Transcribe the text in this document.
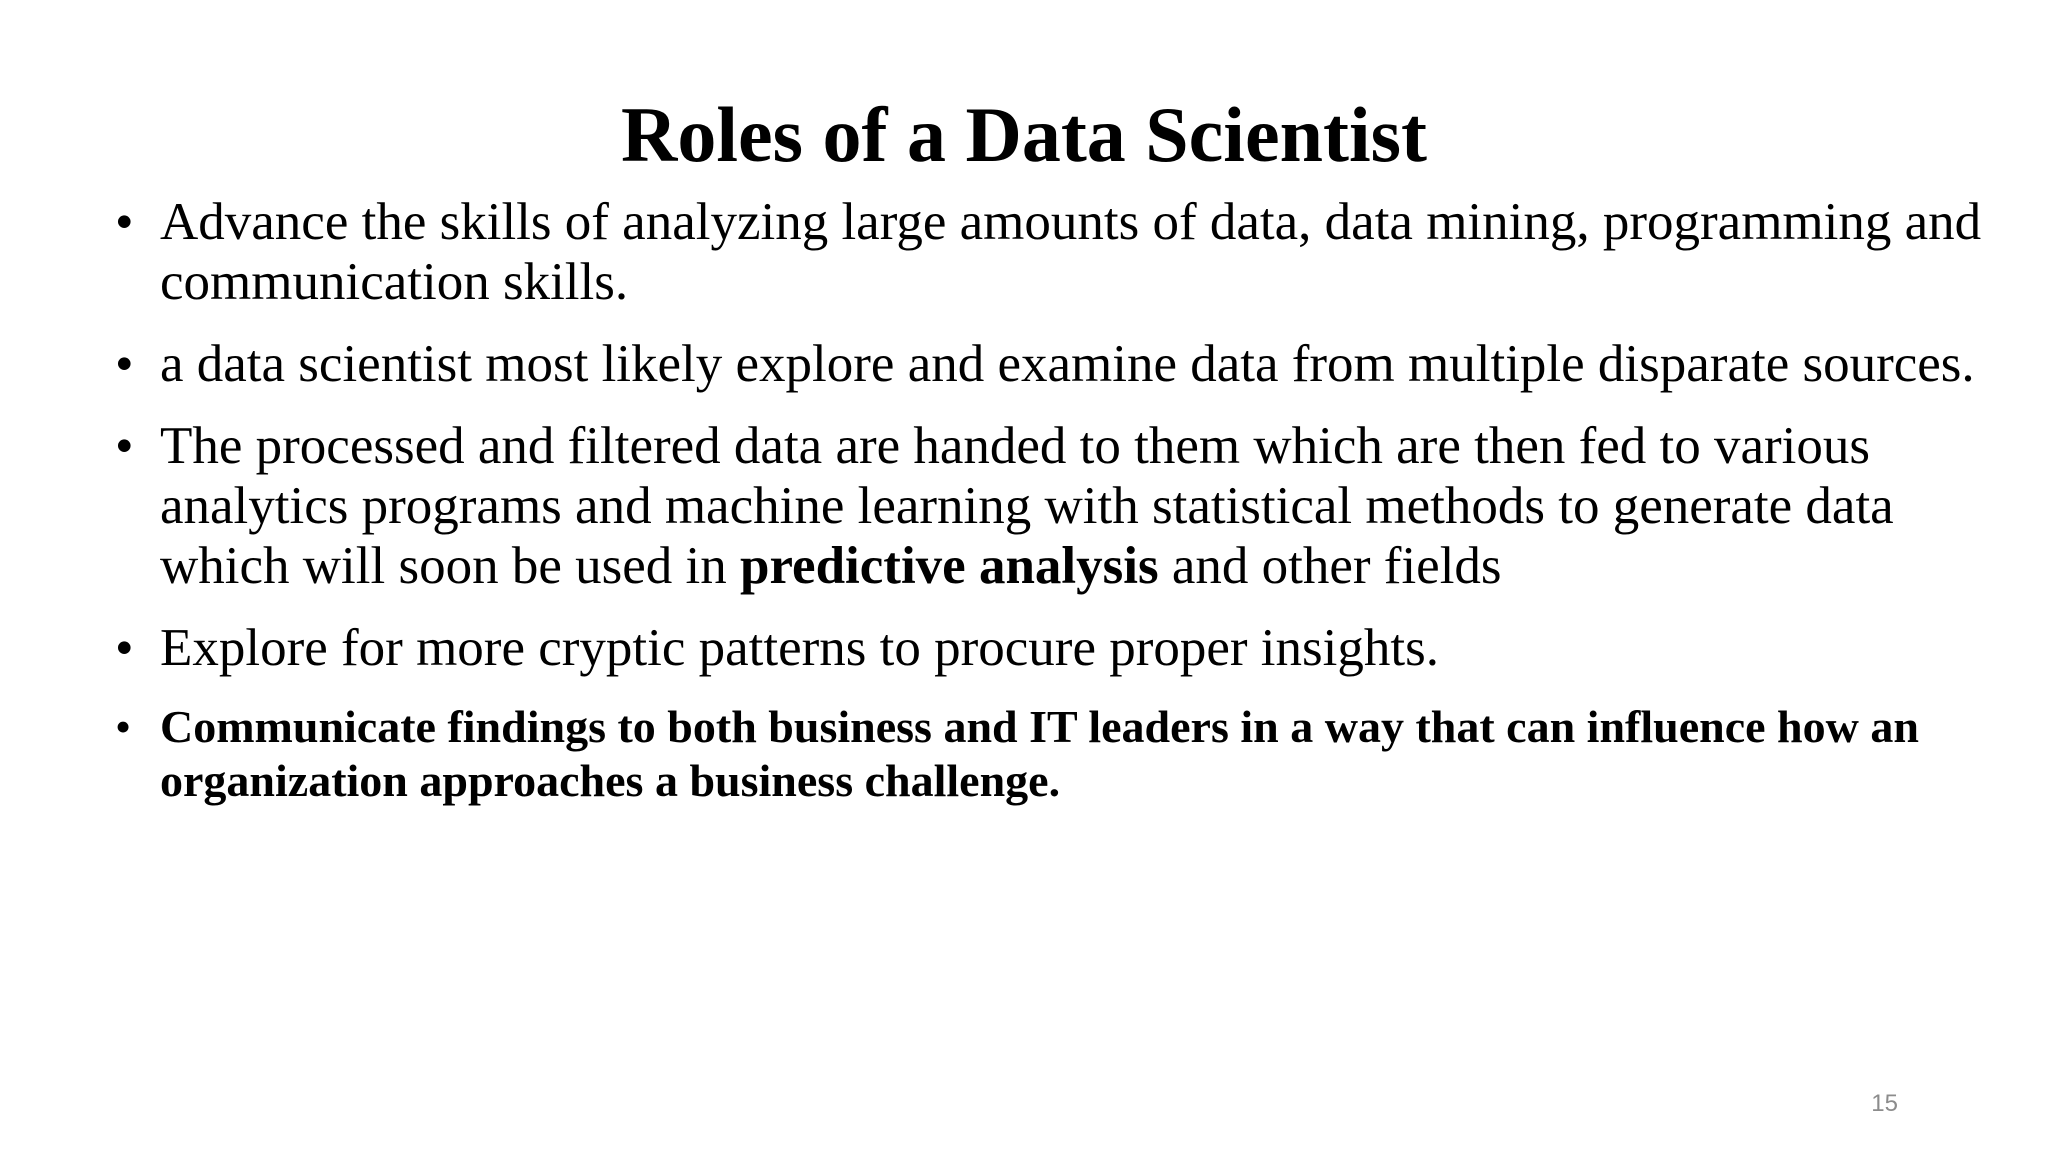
Roles of a Data Scientist
• Advance the skills of analyzing large amounts of data, data mining, programming and communication skills.
• a data scientist most likely explore and examine data from multiple disparate sources.
• The processed and filtered data are handed to them which are then fed to various analytics programs and machine learning with statistical methods to generate data which will soon be used in predictive analysis and other fields
• Explore for more cryptic patterns to procure proper insights.
• Communicate findings to both business and IT leaders in a way that can influence how an organization approaches a business challenge.
15
